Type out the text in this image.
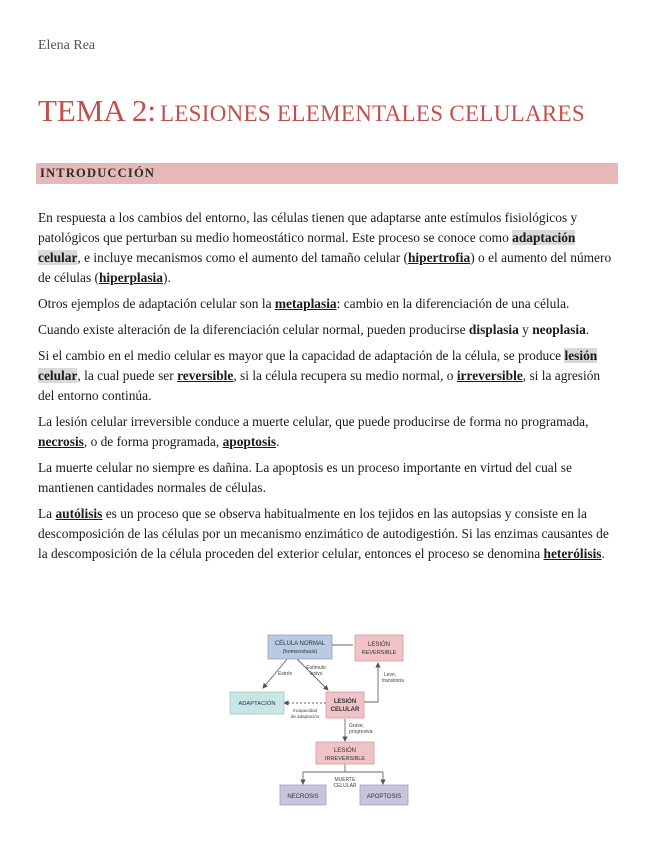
Elena Rea
TEMA 2: LESIONES ELEMENTALES CELULARES
INTRODUCCIÓN

En respuesta a los cambios del entorno, las células tienen que adaptarse ante estímulos fisiológicos y patológicos que perturban su medio homeostático normal. Este proceso se conoce como adaptación celular, e incluye mecanismos como el aumento del tamaño celular (hipertrofia) o el aumento del número de células (hiperplasia).

Otros ejemplos de adaptación celular son la metaplasia: cambio en la diferenciación de una célula.

Cuando existe alteración de la diferenciación celular normal, pueden producirse displasia y neoplasia.

Si el cambio en el medio celular es mayor que la capacidad de adaptación de la célula, se produce lesión celular, la cual puede ser reversible, si la célula recupera su medio normal, o irreversible, si la agresión del entorno continúa.

La lesión celular irreversible conduce a muerte celular, que puede producirse de forma no programada, necrosis, o de forma programada, apoptosis.

La muerte celular no siempre es dañina. La apoptosis es un proceso importante en virtud del cual se mantienen cantidades normales de células.

La autólisis es un proceso que se observa habitualmente en los tejidos en las autopsias y consiste en la descomposición de las células por un mecanismo enzimático de autodigestión. Si las enzimas causantes de la descomposición de la célula proceden del exterior celular, entonces el proceso se denomina heterólisis.

CÉLULA NORMAL
(homeostasis)
LESIÓN
REVERSIBLE
ADAPTACIÓN	LESIÓN
CELULAR
LESIÓN
IRREVERSIBLE
NECROSIS	APOPTOSIS
Estrés
Estímulo
lesivo
Incapacidad
de adaptación
Leve,
transitoria
Grave,
progresiva
MUERTE
CELULAR
